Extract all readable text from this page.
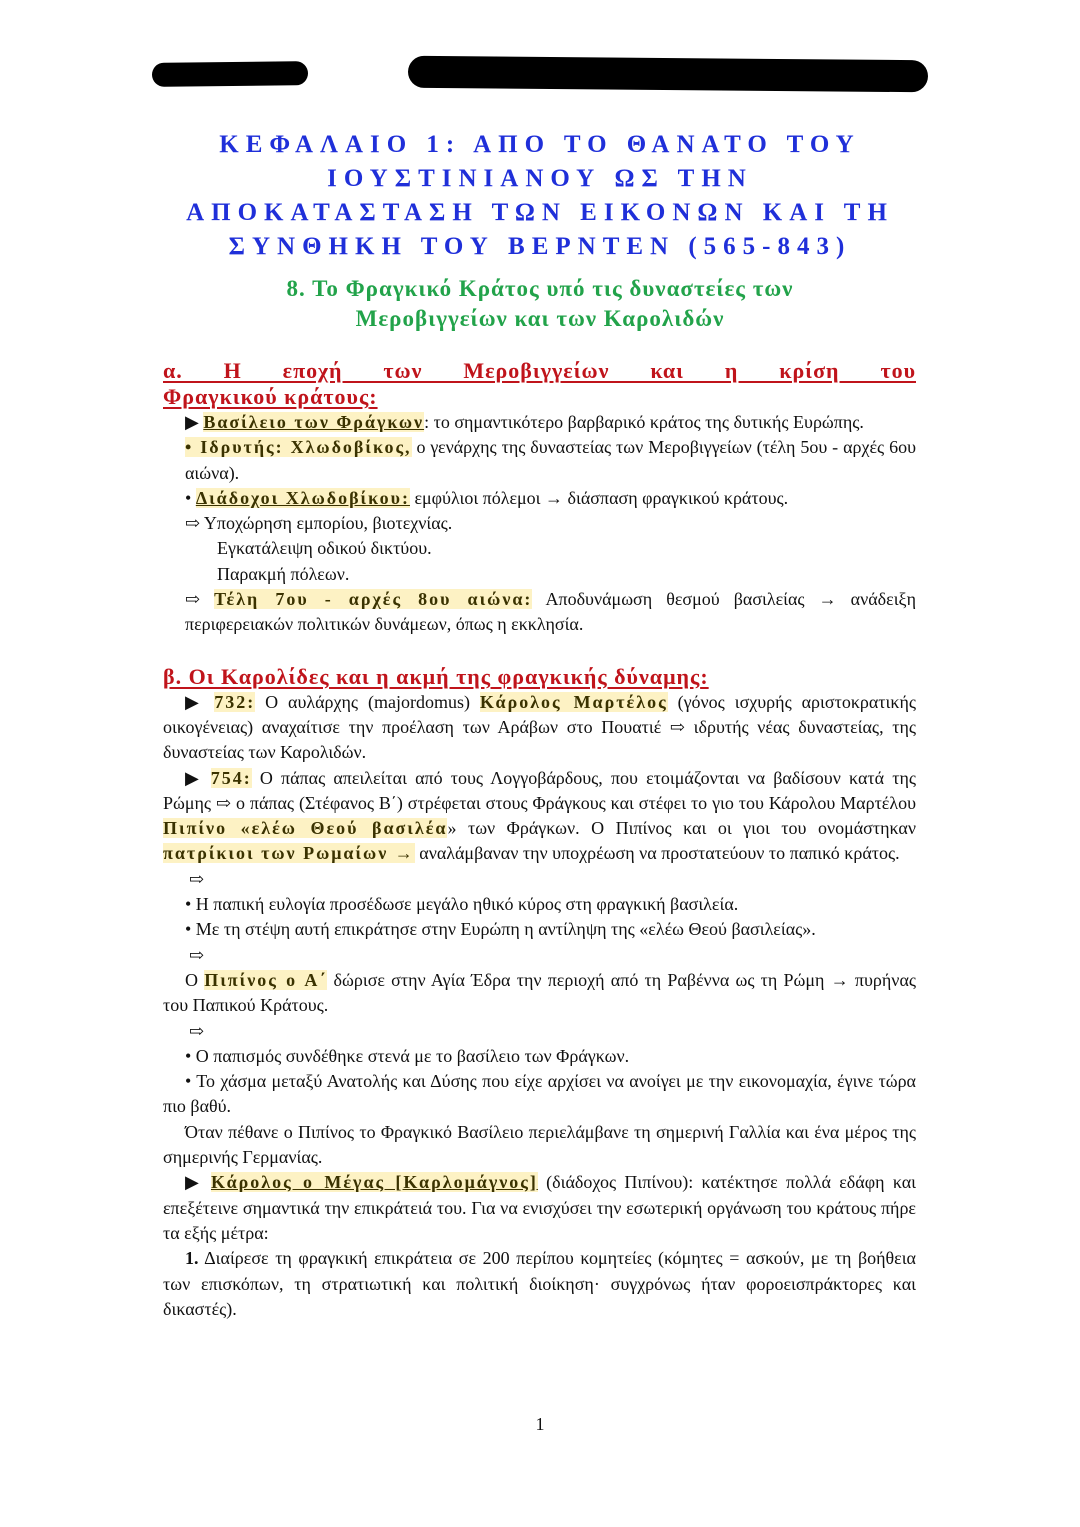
ΚΕΦΑΛΑΙΟ 1: ΑΠΟ ΤΟ ΘΑΝΑΤΟ ΤΟΥ
ΙΟΥΣΤΙΝΙΑΝΟΥ ΩΣ ΤΗΝ
ΑΠΟΚΑΤΑΣΤΑΣΗ ΤΩΝ ΕΙΚΟΝΩΝ ΚΑΙ ΤΗ
ΣΥΝΘΗΚΗ ΤΟΥ ΒΕΡΝΤΕΝ (565-843)
8. Το Φραγκικό Κράτος υπό τις δυναστείες των
Μεροβιγγείων και των Καρολιδών
α. Η εποχή των Μεροβιγγείων και η κρίση του
Φραγκικού κράτους:

▶ Βασίλειο των Φράγκων: το σημαντικότερο βαρβαρικό κράτος της δυτικής Ευρώπης.

• Ιδρυτής: Χλωδοβίκος, ο γενάρχης της δυναστείας των Μεροβιγγείων (τέλη 5ου - αρχές 6ου αιώνα).

• Διάδοχοι Χλωδοβίκου: εμφύλιοι πόλεμοι → διάσπαση φραγκικού κράτους.

⇨ Υποχώρηση εμπορίου, βιοτεχνίας.

Εγκατάλειψη οδικού δικτύου.

Παρακμή πόλεων.

⇨ Τέλη 7ου - αρχές 8ου αιώνα: Αποδυνάμωση θεσμού βασιλείας → ανάδειξη περιφερειακών πολιτικών δυνάμεων, όπως η εκκλησία.

β. Οι Καρολίδες και η ακμή της φραγκικής δύναμης:

▶ 732: Ο αυλάρχης (majordomus) Κάρολος Μαρτέλος (γόνος ισχυρής αριστοκρατικής οικογένειας) αναχαίτισε την προέλαση των Αράβων στο Πουατιέ ⇨ ιδρυτής νέας δυναστείας, της δυναστείας των Καρολιδών.

▶ 754: Ο πάπας απειλείται από τους Λογγοβάρδους, που ετοιμάζονται να βαδίσουν κατά της Ρώμης ⇨ ο πάπας (Στέφανος Β΄) στρέφεται στους Φράγκους και στέφει το γιο του Κάρολου Μαρτέλου Πιπίνο «ελέω Θεού βασιλέα» των Φράγκων. Ο Πιπίνος και οι γιοι του ονομάστηκαν πατρίκιοι των Ρωμαίων → αναλάμβαναν την υποχρέωση να προστατεύουν το παπικό κράτος.

⇨

• Η παπική ευλογία προσέδωσε μεγάλο ηθικό κύρος στη φραγκική βασιλεία.

• Με τη στέψη αυτή επικράτησε στην Ευρώπη η αντίληψη της «ελέω Θεού βασιλείας».

⇨

Ο Πιπίνος ο Α΄ δώρισε στην Αγία Έδρα την περιοχή από τη Ραβέννα ως τη Ρώμη → πυρήνας του Παπικού Κράτους.

⇨

• Ο παπισμός συνδέθηκε στενά με το βασίλειο των Φράγκων.

• Το χάσμα μεταξύ Ανατολής και Δύσης που είχε αρχίσει να ανοίγει με την εικονομαχία, έγινε τώρα πιο βαθύ.

Όταν πέθανε ο Πιπίνος το Φραγκικό Βασίλειο περιελάμβανε τη σημερινή Γαλλία και ένα μέρος της σημερινής Γερμανίας.

▶ Κάρολος ο Μέγας [Καρλομάγνος] (διάδοχος Πιπίνου): κατέκτησε πολλά εδάφη και επεξέτεινε σημαντικά την επικράτειά του. Για να ενισχύσει την εσωτερική οργάνωση του κράτους πήρε τα εξής μέτρα:

1. Διαίρεσε τη φραγκική επικράτεια σε 200 περίπου κομητείες (κόμητες = ασκούν, με τη βοήθεια των επισκόπων, τη στρατιωτική και πολιτική διοίκηση· συγχρόνως ήταν φοροεισπράκτορες και δικαστές).

1
